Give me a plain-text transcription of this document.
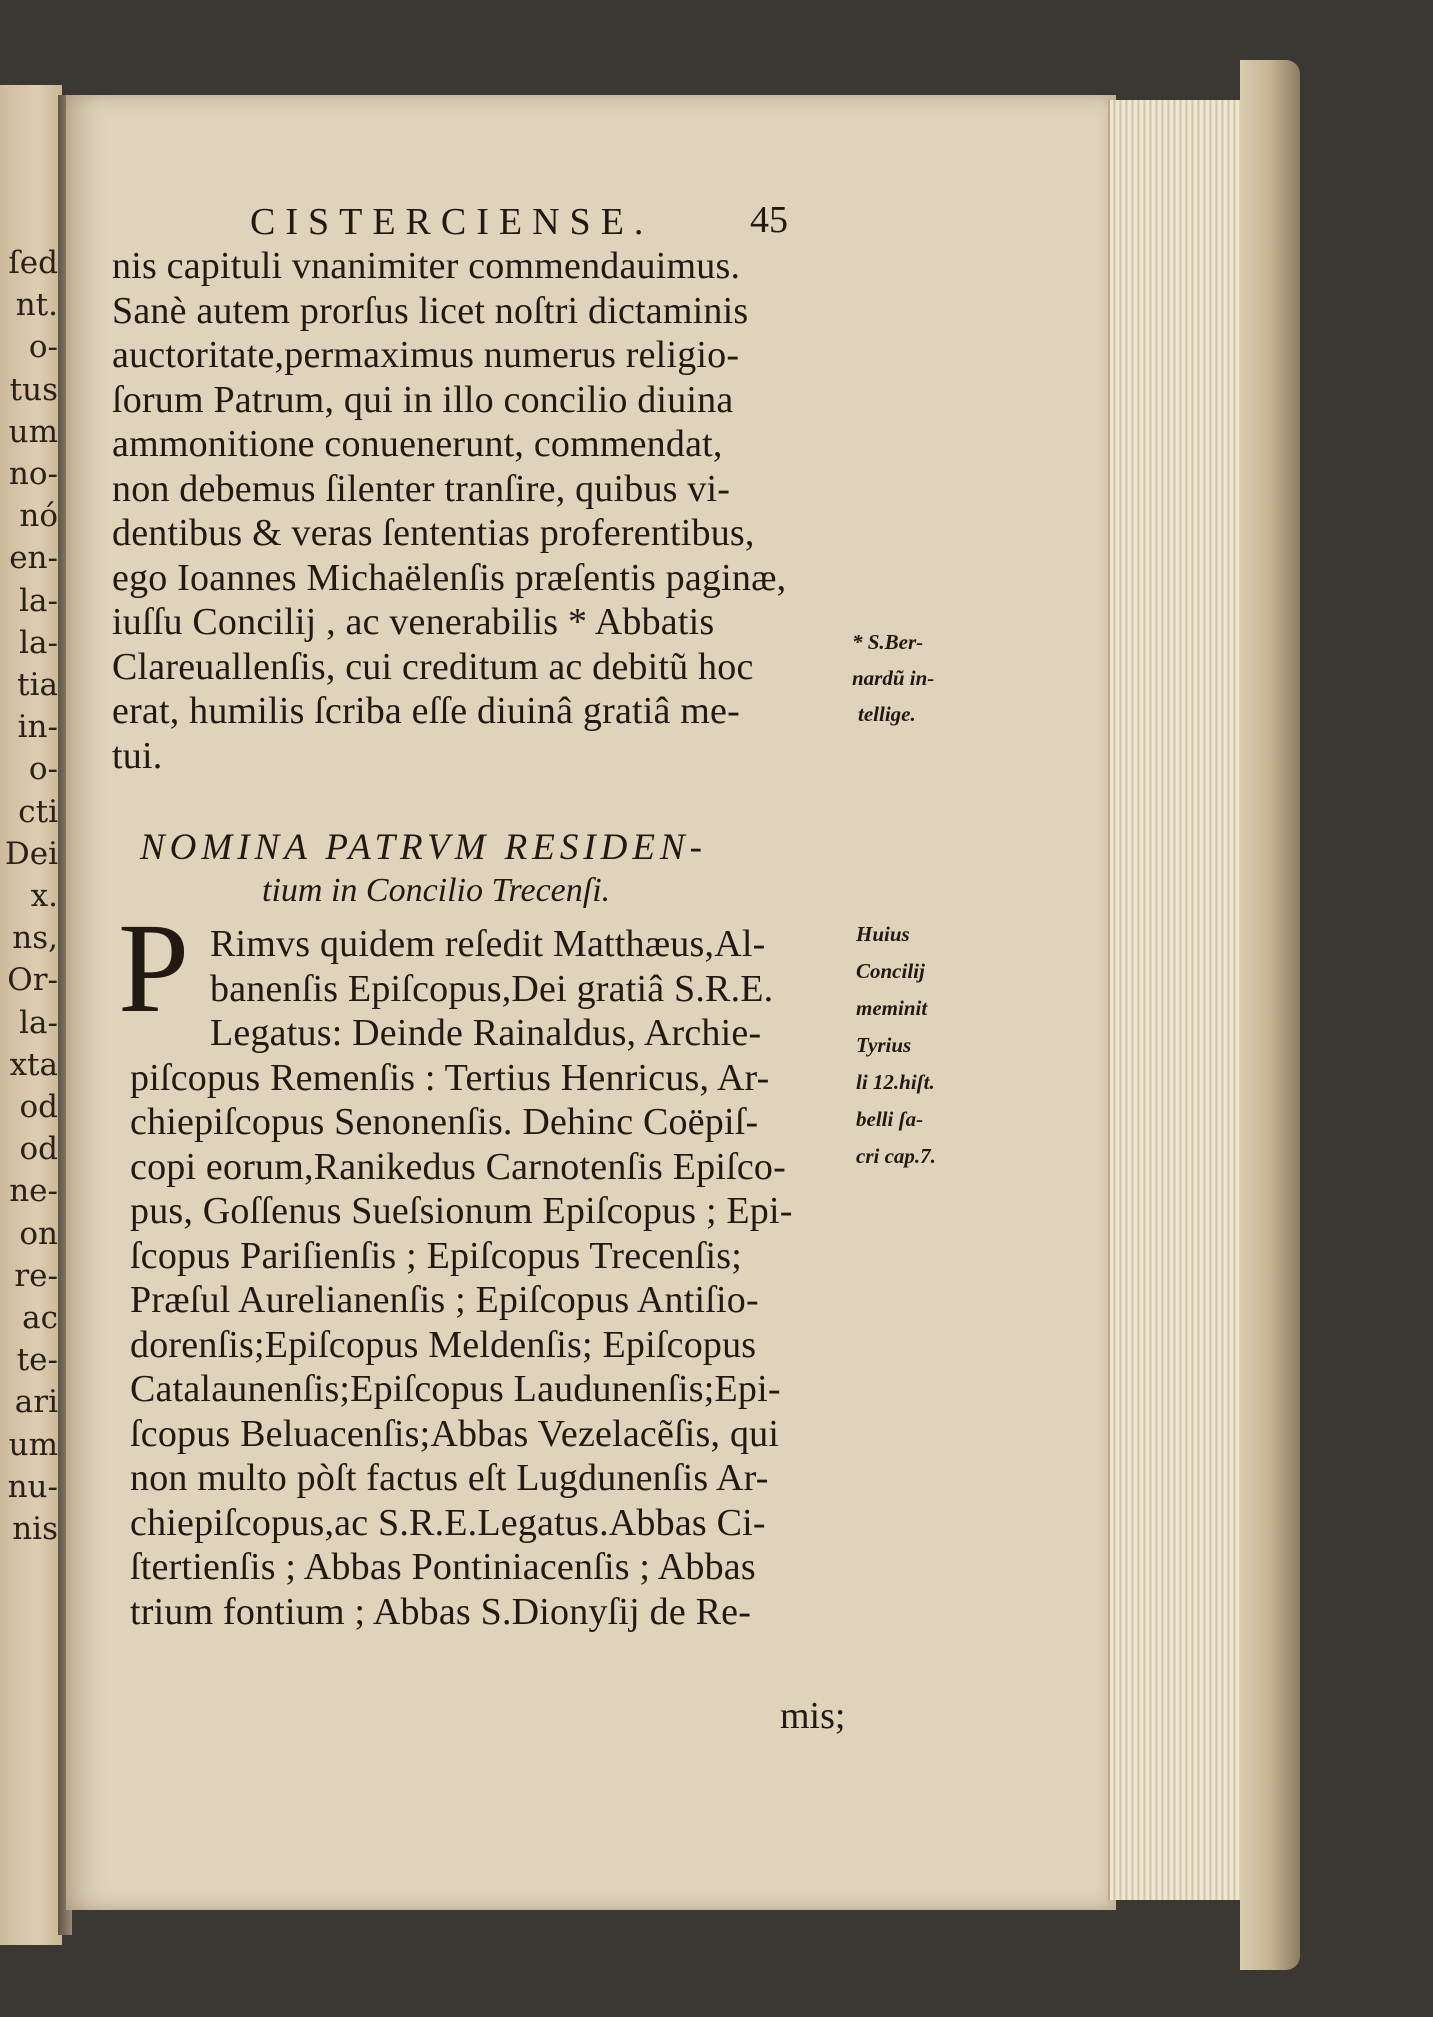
ſed
nt.
o-
tus
um
no-
nó
en-
la-
la-
tia
in-
o-
cti
Dei
x.
ns,
Or-
la-
xta
od
od
ne-
on
re-
ac
te-
ari
um
nu-
nis
CISTERCIENSE.	45
nis capituli vnanimiter commendauimus.
Sanè autem prorſus licet noſtri dictaminis
auctoritate,permaximus numerus religio-
ſorum Patrum, qui in illo concilio diuina
ammonitione conuenerunt, commendat,
non debemus ſilenter tranſire, quibus vi-
dentibus & veras ſententias proferentibus,
ego Ioannes Michaëlenſis præſentis paginæ,
iuſſu Concilij , ac venerabilis * Abbatis
Clareuallenſis, cui creditum ac debitũ hoc
erat, humilis ſcriba eſſe diuinâ gratiâ me-
tui.
Rimvs quidem reſedit Matthæus,Al-
banenſis Epiſcopus,Dei gratiâ S.R.E.
Legatus: Deinde Rainaldus, Archie-
piſcopus Remenſis : Tertius Henricus, Ar-
chiepiſcopus Senonenſis. Dehinc Coëpiſ-
copi eorum,Ranikedus Carnotenſis Epiſco-
pus, Goſſenus Sueſsionum Epiſcopus ; Epi-
ſcopus Pariſienſis ; Epiſcopus Trecenſis;
Præſul Aurelianenſis ; Epiſcopus Antiſio-
dorenſis;Epiſcopus Meldenſis; Epiſcopus
Catalaunenſis;Epiſcopus Laudunenſis;Epi-
ſcopus Beluacenſis;Abbas Vezelacẽſis, qui
non multo pòſt factus eſt Lugdunenſis Ar-
chiepiſcopus,ac S.R.E.Legatus.Abbas Ci-
ſtertienſis ; Abbas Pontiniacenſis ; Abbas
trium fontium ; Abbas S.Dionyſij de Re-
* S.Ber-
nardũ in-
tellige.
Huius
Concilij
meminit
Tyrius
li 12.hiſt.
belli ſa-
cri cap.7.
NOMINA PATRVM RESIDEN-
tium in Concilio Trecenſi.
P
mis;
